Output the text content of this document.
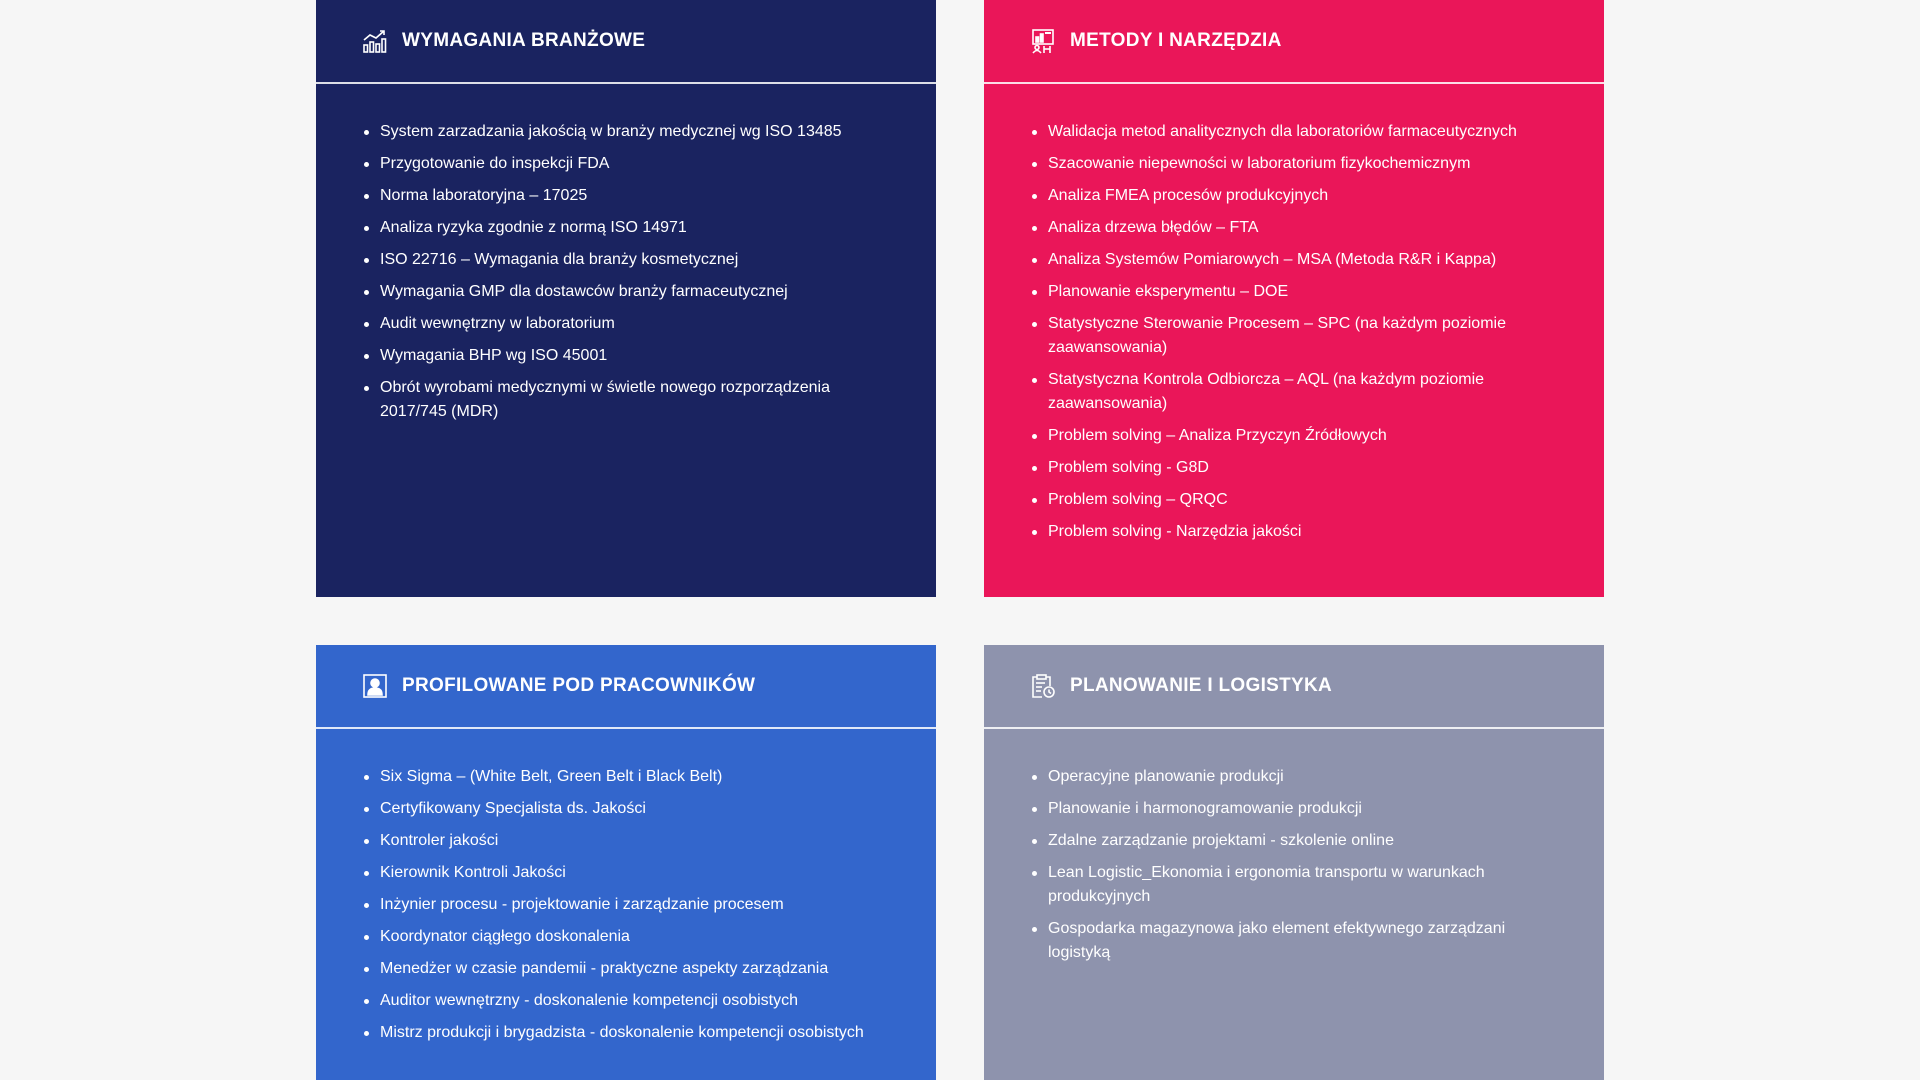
WYMAGANIA BRANŻOWE
System zarzadzania jakością w branży medycznej wg ISO 13485
Przygotowanie do inspekcji FDA
Norma laboratoryjna – 17025
Analiza ryzyka zgodnie z normą ISO 14971
ISO 22716 – Wymagania dla branży kosmetycznej
Wymagania GMP dla dostawców branży farmaceutycznej
Audit wewnętrzny w laboratorium
Wymagania BHP wg ISO 45001
Obrót wyrobami medycznymi w świetle nowego rozporządzenia 2017/745 (MDR)
METODY I NARZĘDZIA
Walidacja metod analitycznych dla laboratoriów farmaceutycznych
Szacowanie niepewności w laboratorium fizykochemicznym
Analiza FMEA procesów produkcyjnych
Analiza drzewa błędów – FTA
Analiza Systemów Pomiarowych – MSA (Metoda R&R i Kappa)
Planowanie eksperymentu – DOE
Statystyczne Sterowanie Procesem – SPC (na każdym poziomie zaawansowania)
Statystyczna Kontrola Odbiorcza – AQL (na każdym poziomie zaawansowania)
Problem solving – Analiza Przyczyn Źródłowych
Problem solving - G8D
Problem solving – QRQC
Problem solving - Narzędzia jakości
PROFILOWANE POD PRACOWNIKÓW
Six Sigma – (White Belt, Green Belt i Black Belt)
Certyfikowany Specjalista ds. Jakości
Kontroler jakości
Kierownik Kontroli Jakości
Inżynier procesu - projektowanie i zarządzanie procesem
Koordynator ciągłego doskonalenia
Menedżer w czasie pandemii - praktyczne aspekty zarządzania
Auditor wewnętrzny - doskonalenie kompetencji osobistych
Mistrz produkcji i brygadzista - doskonalenie kompetencji osobistych
PLANOWANIE I LOGISTYKA
Operacyjne planowanie produkcji
Planowanie i harmonogramowanie produkcji
Zdalne zarządzanie projektami - szkolenie online
Lean Logistic_Ekonomia i ergonomia transportu w warunkach produkcyjnych
Gospodarka magazynowa jako element efektywnego zarządzani logistyką
